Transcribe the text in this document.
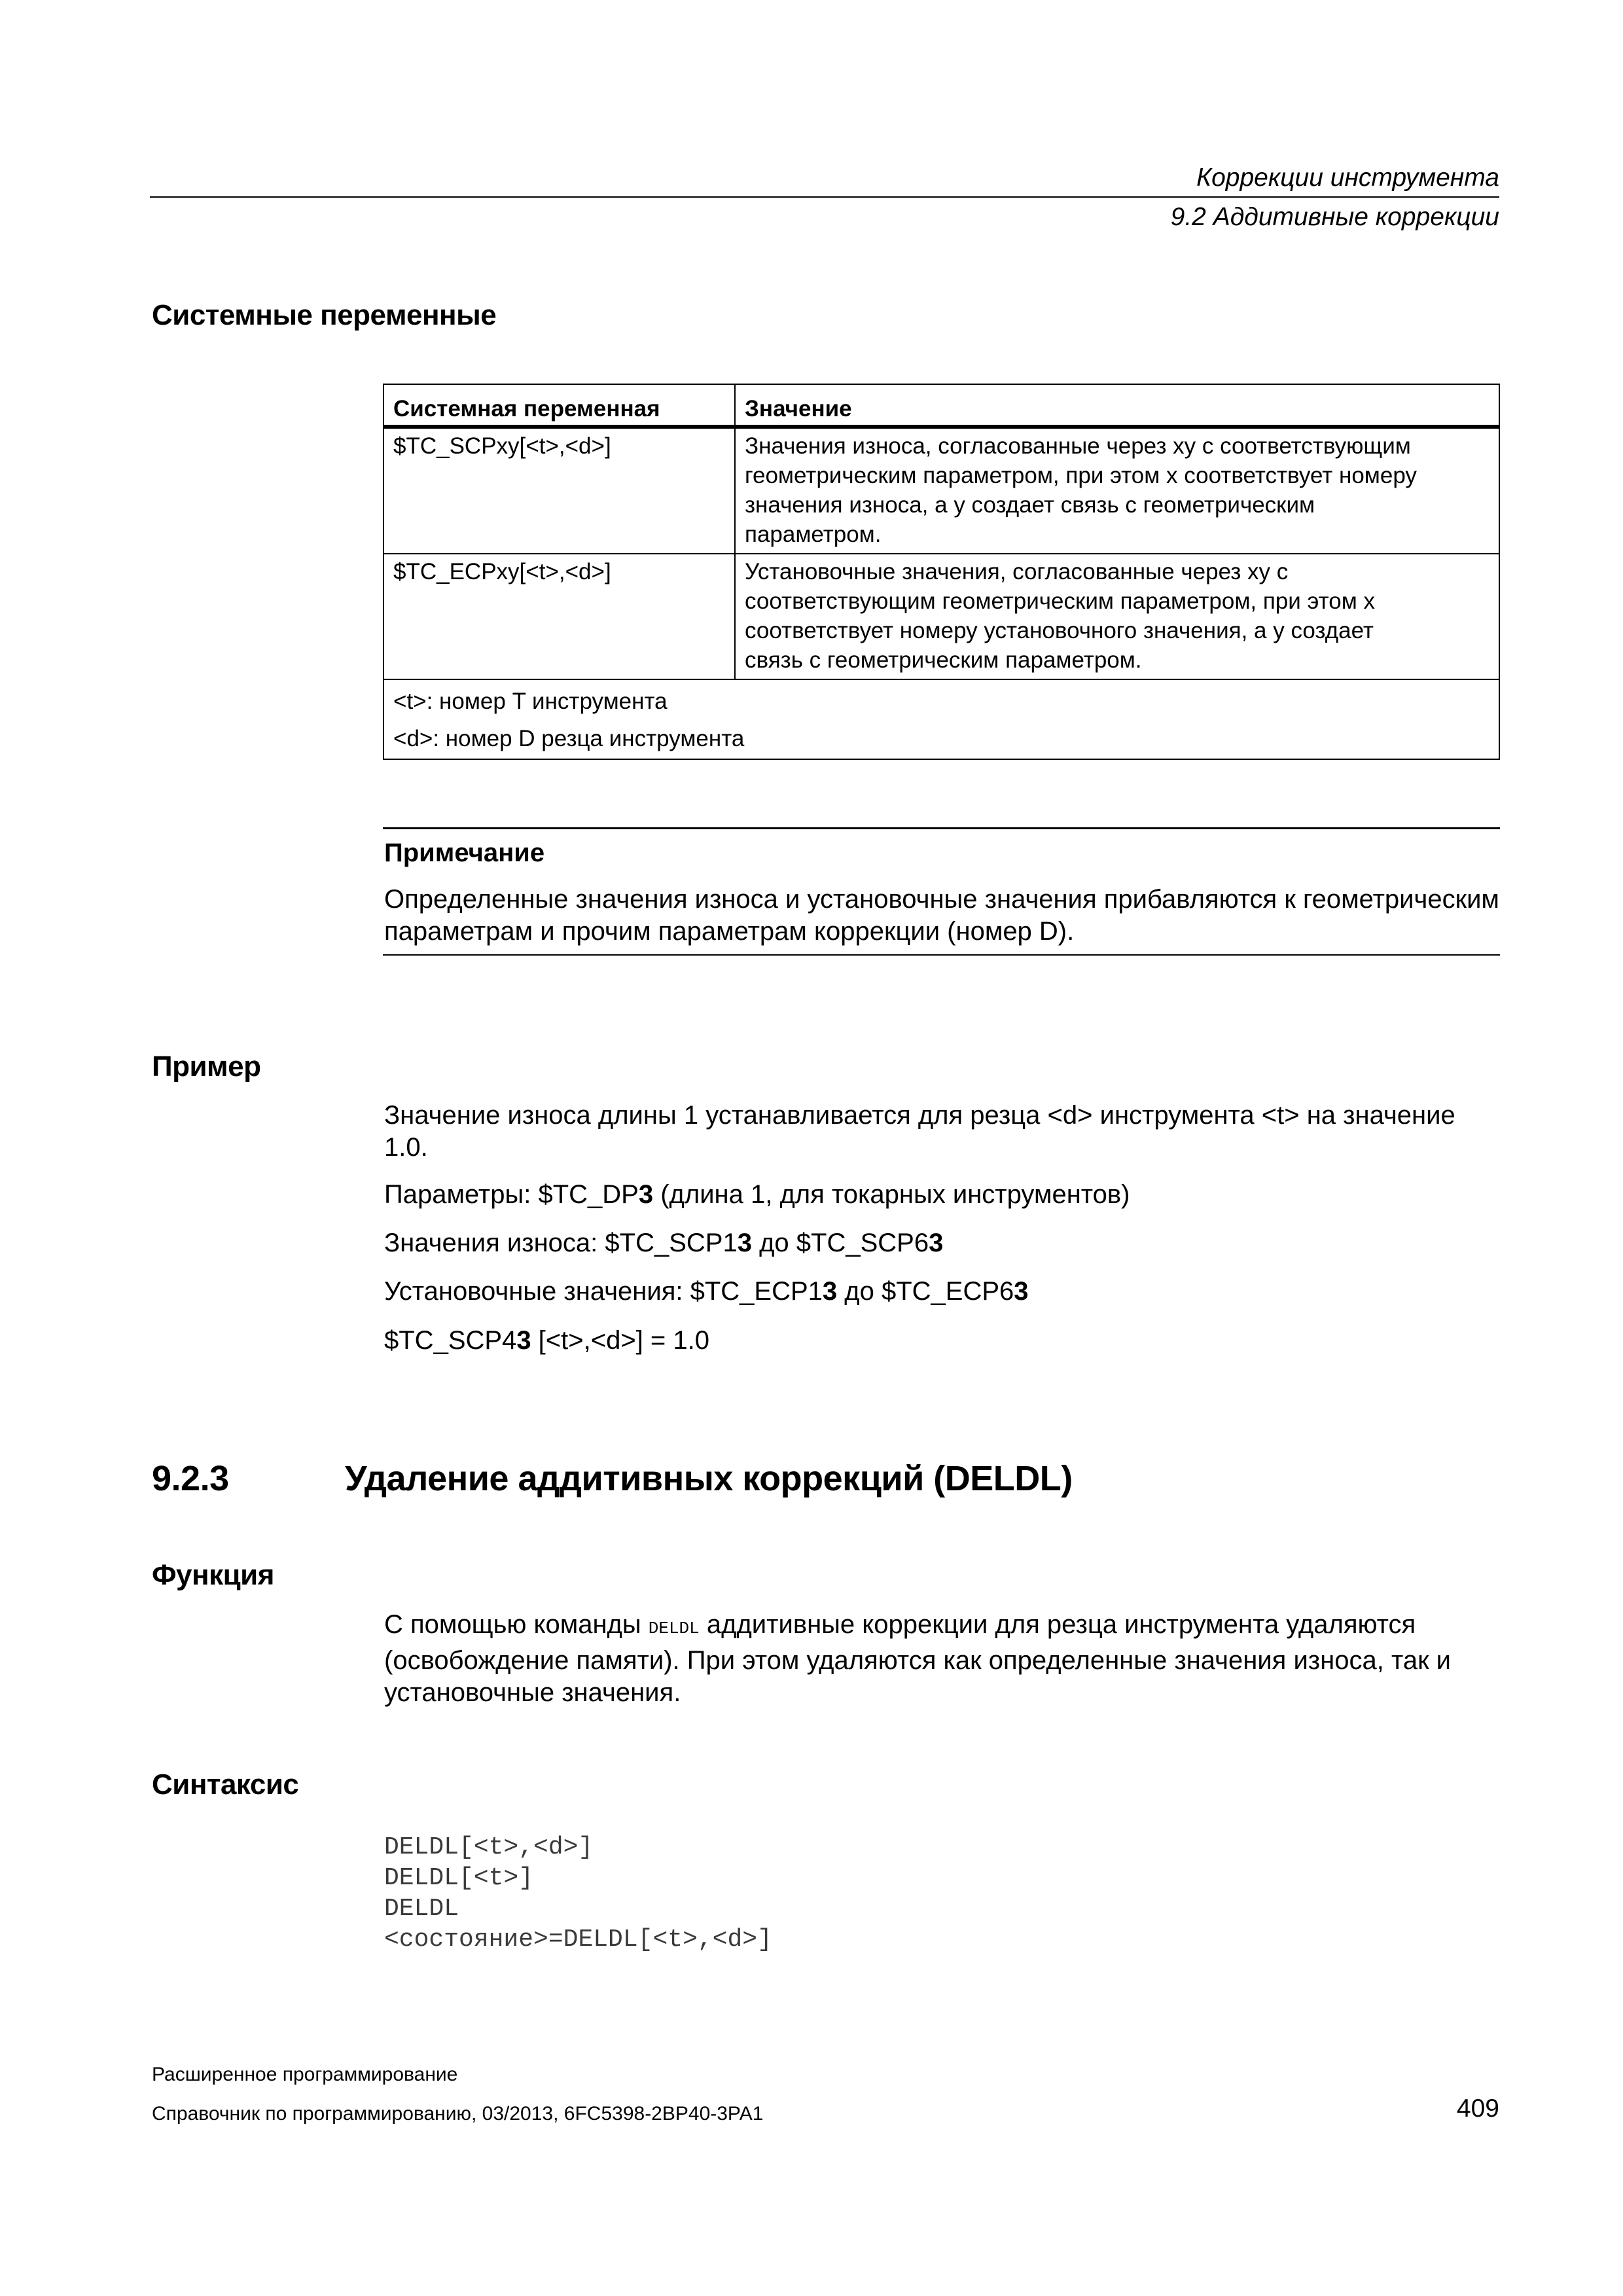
Коррекции инструмента
9.2 Аддитивные коррекции
Системные переменные
Системная переменная	Значение
$TC_SCPxy[<t>,<d>]	Значения износа, согласованные через xy с соответствующим
геометрическим параметром, при этом x соответствует номеру
значения износа, а y создает связь с геометрическим
параметром.

$TC_ECPxy[<t>,<d>]	Установочные значения, согласованные через xy с
соответствующим геометрическим параметром, при этом x
соответствует номеру установочного значения, а y создает
связь с геометрическим параметром.

<t>: номер T инструмента
<d>: номер D резца инструмента	
Примечание
Определенные значения износа и установочные значения прибавляются к геометрическим параметрам и прочим параметрам коррекции (номер D).
Пример
Значение износа длины 1 устанавливается для резца <d> инструмента <t> на значение 1.0.
Параметры: $TC_DP3 (длина 1, для токарных инструментов)
Значения износа: $TC_SCP13 до $TC_SCP63
Установочные значения: $TC_ECP13 до $TC_ECP63
$TC_SCP43 [<t>,<d>] = 1.0
9.2.3	Удаление аддитивных коррекций (DELDL)
Функция
С помощью команды DELDL аддитивные коррекции для резца инструмента удаляются (освобождение памяти). При этом удаляются как определенные значения износа, так и установочные значения.
Синтаксис

DELDL[<t>,<d>]
DELDL[<t>]
DELDL
<состояние>=DELDL[<t>,<d>]

Расширенное программирование
Справочник по программированию, 03/2013, 6FC5398-2BP40-3PA1	409
